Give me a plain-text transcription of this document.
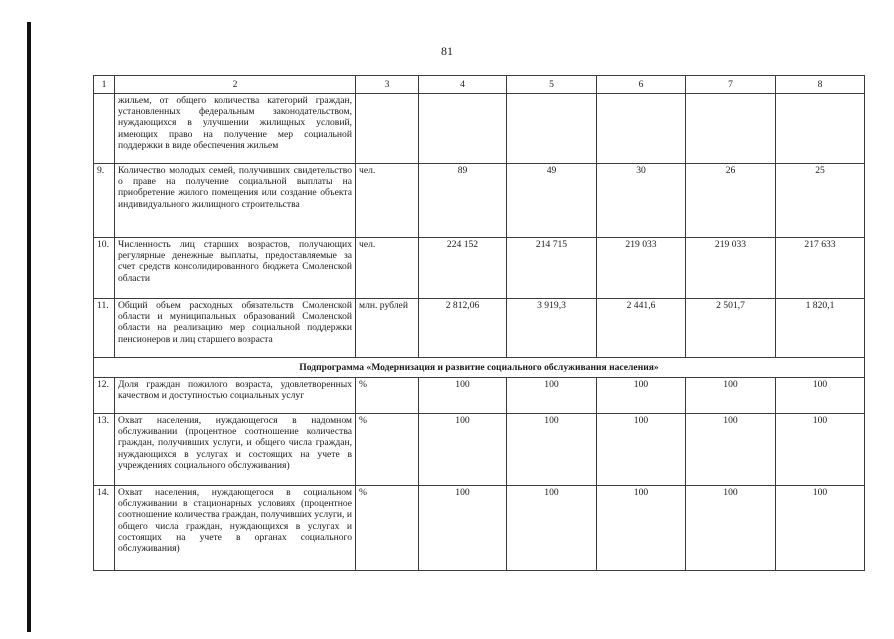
81
1	2	3	4	5	6	7	8
	жильем, от общего количества категорий граждан, установленных федеральным законодательством, нуждающихся в улучшении жилищных условий, имеющих право на получение мер социальной поддержки в виде обеспечения жильем						
9.	Количество молодых семей, получивших свидетельство о праве на получение социальной выплаты на приобретение жилого помещения или создание объекта индивидуального жилищного строительства	чел.	89	49	30	26	25
10.	Численность лиц старших возрастов, получающих регулярные денежные выплаты, предоставляемые за счет средств консолидированного бюджета Смоленской области	чел.	224 152	214 715	219 033	219 033	217 633
11.	Общий объем расходных обязательств Смоленской области и муниципальных образований Смоленской области на реализацию мер социальной поддержки пенсионеров и лиц старшего возраста	млн. рублей	2 812,06	3 919,3	2 441,6	2 501,7	1 820,1
Подпрограмма «Модернизация и развитие социального обслуживания населения»							
12.	Доля граждан пожилого возраста, удовлетворенных качеством и доступностью социальных услуг	%	100	100	100	100	100
13.	Охват населения, нуждающегося в надомном обслуживании (процентное соотношение количества граждан, получивших услуги, и общего числа граждан, нуждающихся в услугах и состоящих на учете в учреждениях социального обслуживания)	%	100	100	100	100	100
14.	Охват населения, нуждающегося в социальном обслуживании в стационарных условиях (процентное соотношение количества граждан, получивших услуги, и общего числа граждан, нуждающихся в услугах и состоящих на учете в органах социального обслуживания)	%	100	100	100	100	100
